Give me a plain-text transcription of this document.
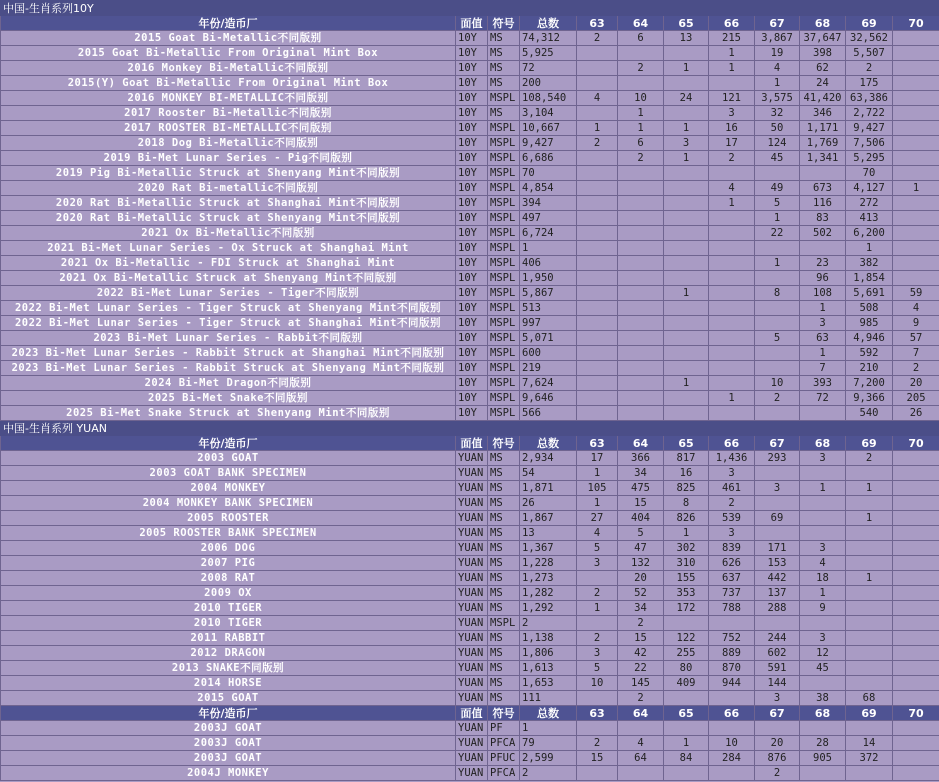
中国-生肖系列10Y											
年份/造币厂	面值	符号	总数	63	64	65	66	67	68	69	70
2015 Goat Bi-Metallic不同版别	10Y	MS	74,312	2	6	13	215	3,867	37,647	32,562	
2015 Goat Bi-Metallic From Original Mint Box	10Y	MS	5,925				1	19	398	5,507	
2016 Monkey Bi-Metallic不同版别	10Y	MS	72		2	1	1	4	62	2	
2015(Y) Goat Bi-Metallic From Original Mint Box	10Y	MS	200					1	24	175	
2016 MONKEY BI-METALLIC不同版别	10Y	MSPL	108,540	4	10	24	121	3,575	41,420	63,386	
2017 Rooster Bi-Metallic不同版别	10Y	MS	3,104		1		3	32	346	2,722	
2017 ROOSTER BI-METALLIC不同版别	10Y	MSPL	10,667	1	1	1	16	50	1,171	9,427	
2018 Dog Bi-Metallic不同版别	10Y	MSPL	9,427	2	6	3	17	124	1,769	7,506	
2019 Bi-Met Lunar Series - Pig不同版别	10Y	MSPL	6,686		2	1	2	45	1,341	5,295	
2019 Pig Bi-Metallic Struck at Shenyang Mint不同版别	10Y	MSPL	70							70	
2020 Rat Bi-metallic不同版别	10Y	MSPL	4,854				4	49	673	4,127	1
2020 Rat Bi-Metallic Struck at Shanghai Mint不同版别	10Y	MSPL	394				1	5	116	272	
2020 Rat Bi-Metallic Struck at Shenyang Mint不同版别	10Y	MSPL	497					1	83	413	
2021 Ox Bi-Metallic不同版别	10Y	MSPL	6,724					22	502	6,200	
2021 Bi-Met Lunar Series - Ox Struck at Shanghai Mint	10Y	MSPL	1							1	
2021 Ox Bi-Metallic - FDI Struck at Shanghai Mint	10Y	MSPL	406					1	23	382	
2021 Ox Bi-Metallic Struck at Shenyang Mint不同版别	10Y	MSPL	1,950						96	1,854	
2022 Bi-Met Lunar Series - Tiger不同版别	10Y	MSPL	5,867			1		8	108	5,691	59
2022 Bi-Met Lunar Series - Tiger Struck at Shenyang Mint不同版别	10Y	MSPL	513						1	508	4
2022 Bi-Met Lunar Series - Tiger Struck at Shanghai Mint不同版别	10Y	MSPL	997						3	985	9
2023 Bi-Met Lunar Series - Rabbit不同版别	10Y	MSPL	5,071					5	63	4,946	57
2023 Bi-Met Lunar Series - Rabbit Struck at Shanghai Mint不同版别	10Y	MSPL	600						1	592	7
2023 Bi-Met Lunar Series - Rabbit Struck at Shenyang Mint不同版别	10Y	MSPL	219						7	210	2
2024 Bi-Met Dragon不同版别	10Y	MSPL	7,624			1		10	393	7,200	20
2025 Bi-Met Snake不同版别	10Y	MSPL	9,646				1	2	72	9,366	205
2025 Bi-Met Snake Struck at Shenyang Mint不同版别	10Y	MSPL	566							540	26
中国-生肖系列 YUAN											
年份/造币厂	面值	符号	总数	63	64	65	66	67	68	69	70
2003 GOAT	YUAN	MS	2,934	17	366	817	1,436	293	3	2	
2003 GOAT BANK SPECIMEN	YUAN	MS	54	1	34	16	3				
2004 MONKEY	YUAN	MS	1,871	105	475	825	461	3	1	1	
2004 MONKEY BANK SPECIMEN	YUAN	MS	26	1	15	8	2				
2005 ROOSTER	YUAN	MS	1,867	27	404	826	539	69		1	
2005 ROOSTER BANK SPECIMEN	YUAN	MS	13	4	5	1	3				
2006 DOG	YUAN	MS	1,367	5	47	302	839	171	3		
2007 PIG	YUAN	MS	1,228	3	132	310	626	153	4		
2008 RAT	YUAN	MS	1,273		20	155	637	442	18	1	
2009 OX	YUAN	MS	1,282	2	52	353	737	137	1		
2010 TIGER	YUAN	MS	1,292	1	34	172	788	288	9		
2010 TIGER	YUAN	MSPL	2		2						
2011 RABBIT	YUAN	MS	1,138	2	15	122	752	244	3		
2012 DRAGON	YUAN	MS	1,806	3	42	255	889	602	12		
2013 SNAKE不同版别	YUAN	MS	1,613	5	22	80	870	591	45		
2014 HORSE	YUAN	MS	1,653	10	145	409	944	144			
2015 GOAT	YUAN	MS	111		2			3	38	68	
年份/造币厂	面值	符号	总数	63	64	65	66	67	68	69	70
2003J GOAT	YUAN	PF	1								
2003J GOAT	YUAN	PFCA	79	2	4	1	10	20	28	14	
2003J GOAT	YUAN	PFUC	2,599	15	64	84	284	876	905	372	
2004J MONKEY	YUAN	PFCA	2					2			
